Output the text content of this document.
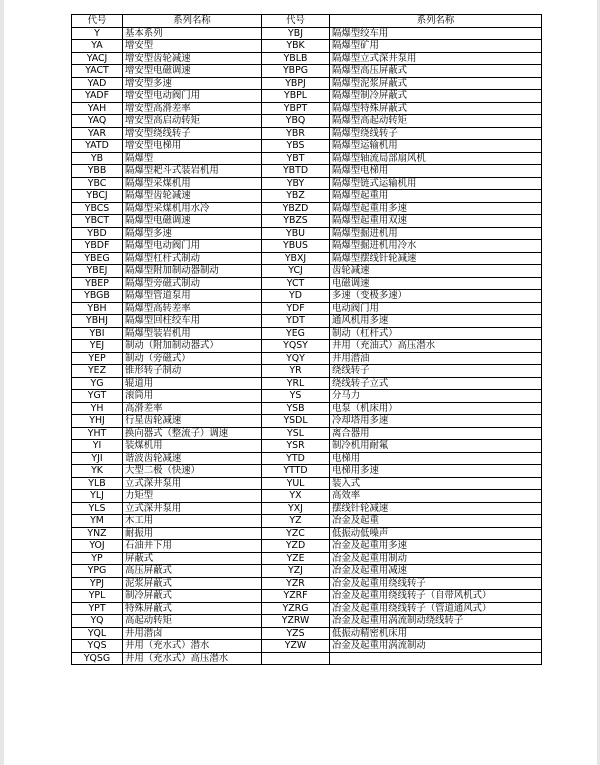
代号	系列名称	代号	系列名称
Y	基本系列	YBJ	隔爆型绞车用
YA	增安型	YBK	隔爆型矿用
YACJ	增安型齿轮减速	YBLB	隔爆型立式深井泵用
YACT	增安型电磁调速	YBPG	隔爆型高压屏蔽式
YAD	增安型多速	YBPJ	隔爆型泥浆屏蔽式
YADF	增安型电动阀门用	YBPL	隔爆型制冷屏蔽式
YAH	增安型高滑差率	YBPT	隔爆型特殊屏蔽式
YAQ	增安型高启动转矩	YBQ	隔爆型高起动转矩
YAR	增安型绕线转子	YBR	隔爆型绕线转子
YATD	增安型电梯用	YBS	隔爆型运输机用
YB	隔爆型	YBT	隔爆型轴流局部扇风机
YBB	隔爆型耙斗式装岩机用	YBTD	隔爆型电梯用
YBC	隔爆型采煤机用	YBY	隔爆型链式运输机用
YBCJ	隔爆型齿轮减速	YBZ	隔爆型起重用
YBCS	隔爆型采煤机用水冷	YBZD	隔爆型起重用多速
YBCT	隔爆型电磁调速	YBZS	隔爆型起重用双速
YBD	隔爆型多速	YBU	隔爆型掘进机用
YBDF	隔爆型电动阀门用	YBUS	隔爆型掘进机用冷水
YBEG	隔爆型杠杆式制动	YBXJ	隔爆型摆线针轮减速
YBEJ	隔爆型附加制动器制动	YCJ	齿轮减速
YBEP	隔爆型旁磁式制动	YCT	电磁调速
YBGB	隔爆型管道泵用	YD	多速（变极多速）
YBH	隔爆型高转差率	YDF	电动阀门用
YBHJ	隔爆型回柱绞车用	YDT	通风机用多速
YBI	隔爆型装岩机用	YEG	制动（杠杆式）
YEJ	制动（附加制动器式）	YQSY	井用（充油式）高压潜水
YEP	制动（旁磁式）	YQY	井用潜油
YEZ	锥形转子制动	YR	绕线转子
YG	辊道用	YRL	绕线转子立式
YGT	滚筒用	YS	分马力
YH	高滑差率	YSB	电泵（机床用）
YHJ	行星齿轮减速	YSDL	冷却塔用多速
YHT	换向器式（整流子）调速	YSL	离合器用
YI	装煤机用	YSR	制冷机用耐氟
YJI	谐波齿轮减速	YTD	电梯用
YK	大型二极（快速）	YTTD	电梯用多速
YLB	立式深井泵用	YUL	装入式
YLJ	力矩型	YX	高效率
YLS	立式深井泵用	YXJ	摆线针轮减速
YM	木工用	YZ	冶金及起重
YNZ	耐振用	YZC	低振动低噪声
YOJ	石油井下用	YZD	冶金及起重用多速
YP	屏蔽式	YZE	冶金及起重用制动
YPG	高压屏蔽式	YZJ	冶金及起重用减速
YPJ	泥浆屏蔽式	YZR	冶金及起重用绕线转子
YPL	制冷屏蔽式	YZRF	冶金及起重用绕线转子（自带风机式）
YPT	特殊屏蔽式	YZRG	冶金及起重用绕线转子（管道通风式）
YQ	高起动转矩	YZRW	冶金及起重用涡流制动绕线转子
YQL	井用潜卤	YZS	低振动精密机床用
YQS	井用（充水式）潜水	YZW	冶金及起重用涡流制动
YQSG	井用（充水式）高压潜水		
